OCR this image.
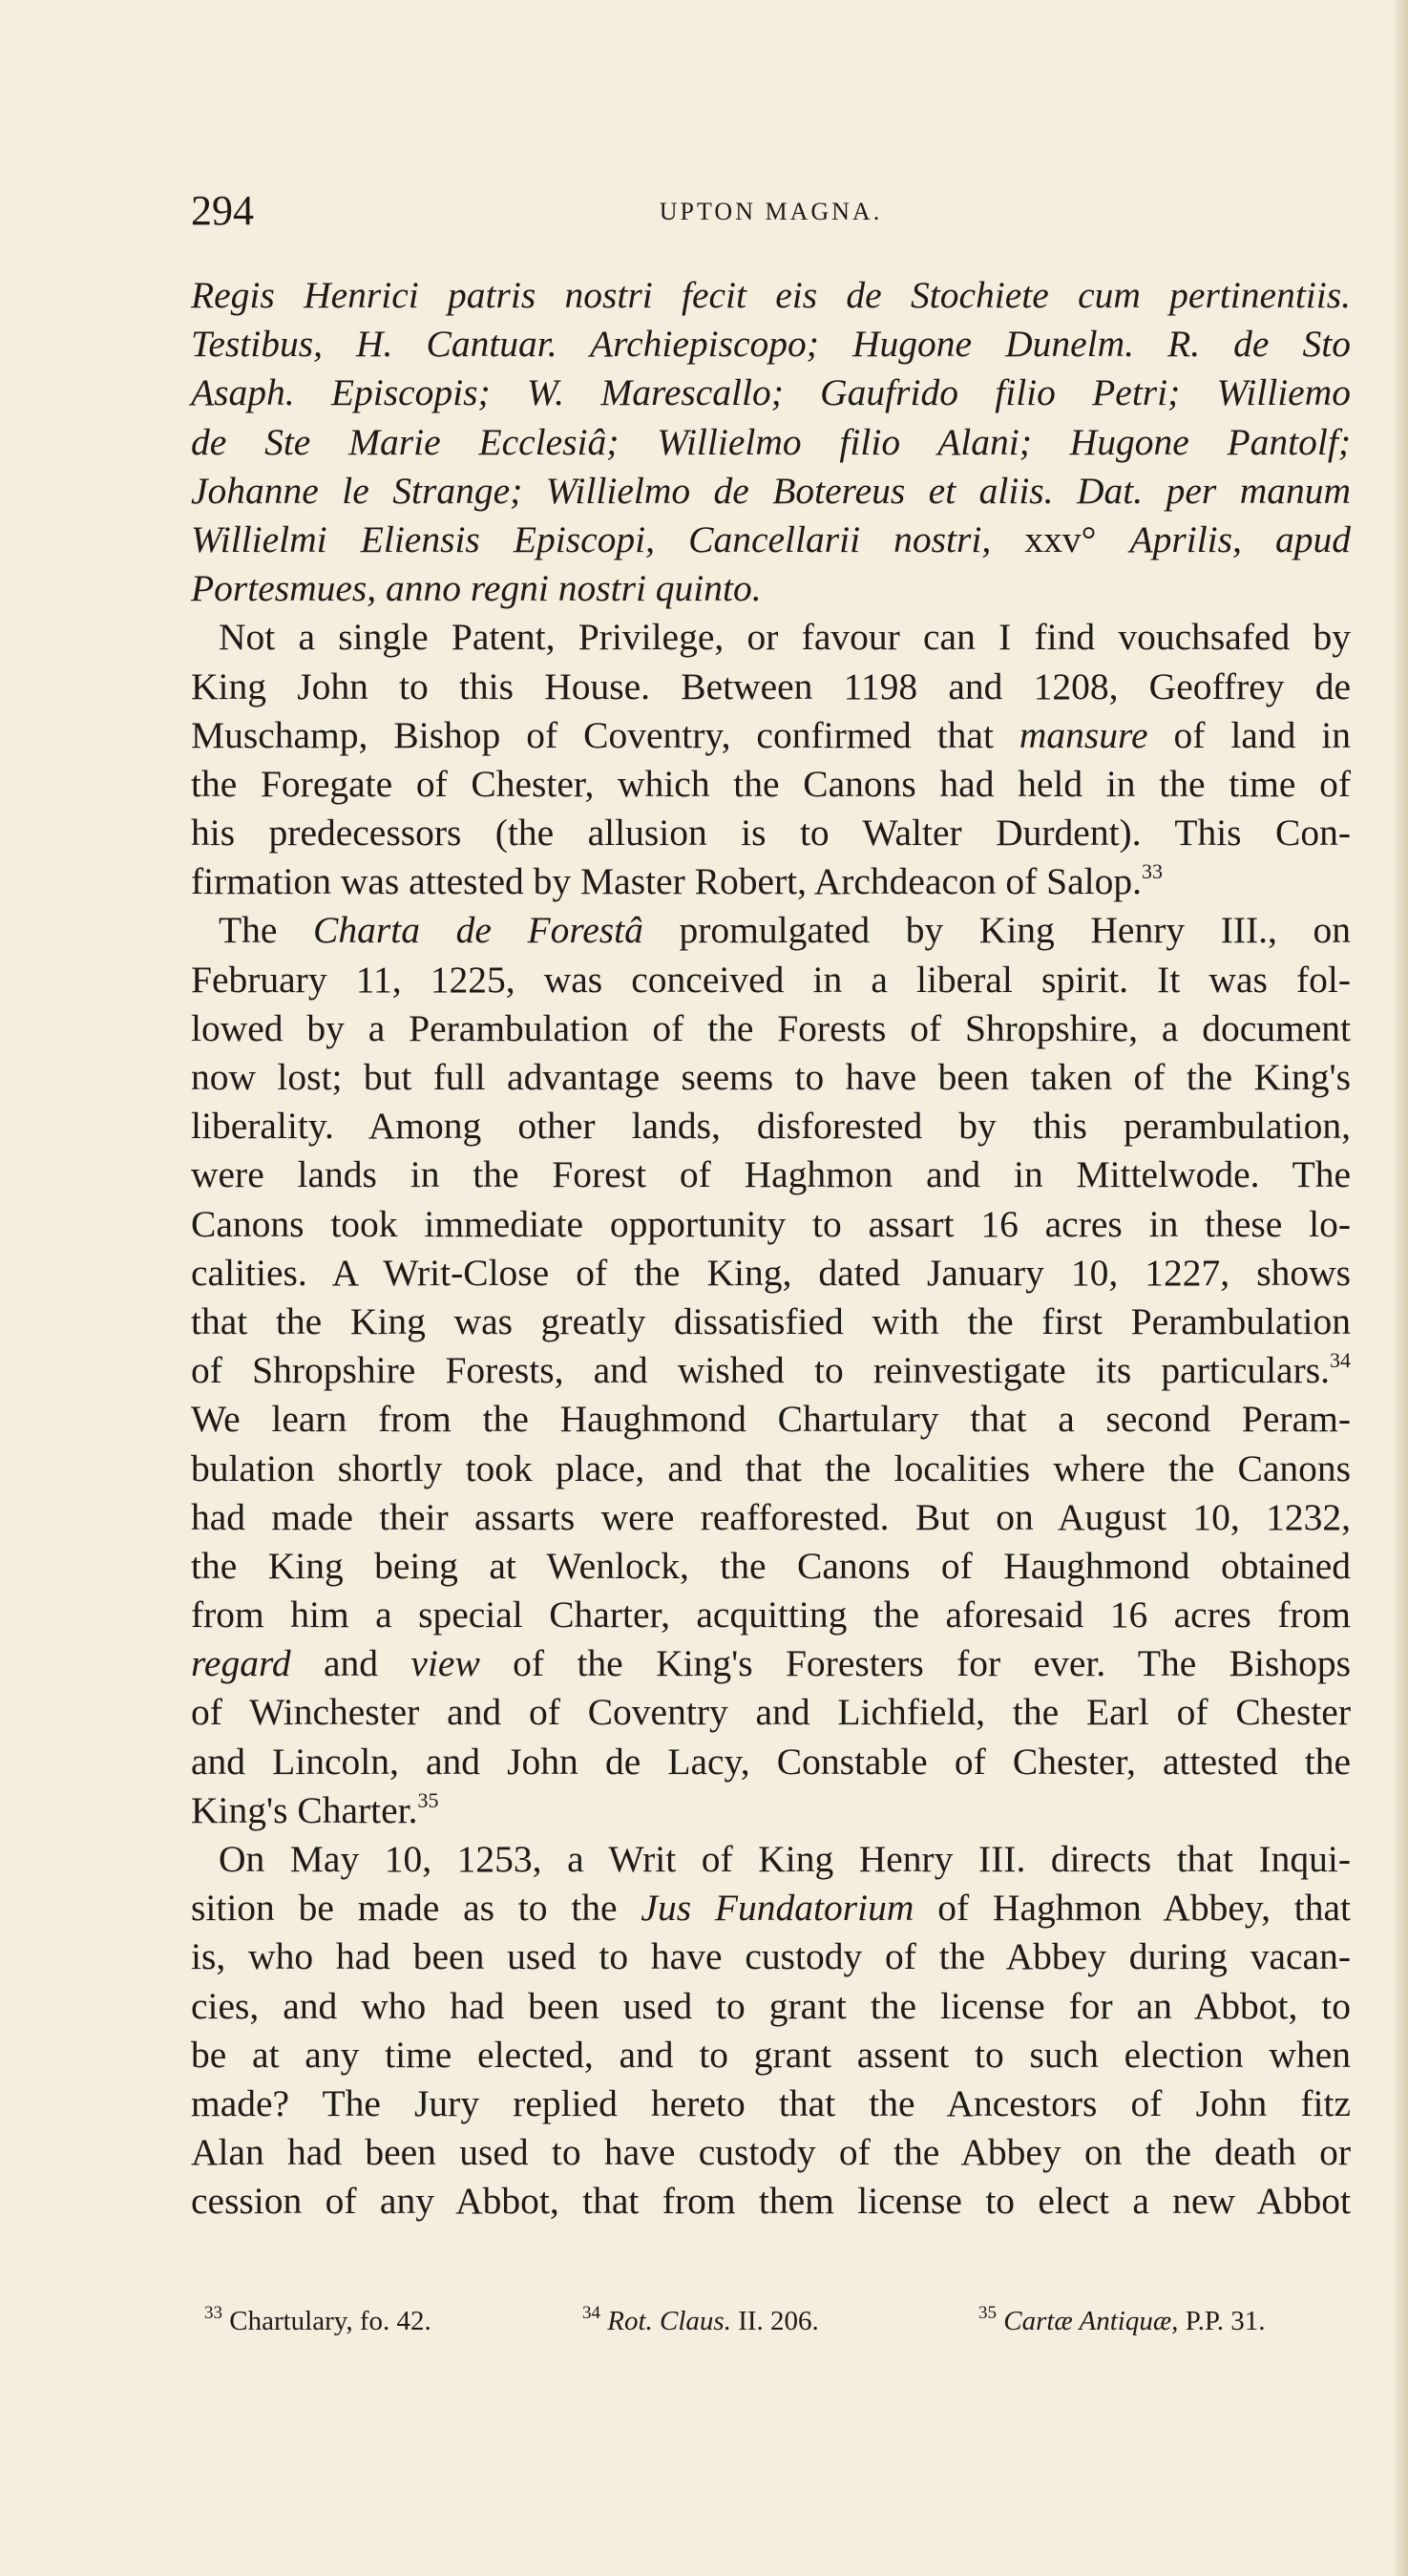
294	UPTON MAGNA.
Regis Henrici patris nostri fecit eis de Stochiete cum pertinentiis.
Testibus, H. Cantuar. Archiepiscopo; Hugone Dunelm. R. de Sto
Asaph. Episcopis; W. Marescallo; Gaufrido filio Petri; Williemo
de Ste Marie Ecclesiâ; Willielmo filio Alani; Hugone Pantolf;
Johanne le Strange; Willielmo de Botereus et aliis. Dat. per manum
Willielmi Eliensis Episcopi, Cancellarii nostri, xxv° Aprilis, apud
Portesmues, anno regni nostri quinto.
Not a single Patent, Privilege, or favour can I find vouchsafed by
King John to this House. Between 1198 and 1208, Geoffrey de
Muschamp, Bishop of Coventry, confirmed that mansure of land in
the Foregate of Chester, which the Canons had held in the time of
his predecessors (the allusion is to Walter Durdent). This Con-
firmation was attested by Master Robert, Archdeacon of Salop.$^{33}$
The Charta de Forestâ promulgated by King Henry III., on
February 11, 1225, was conceived in a liberal spirit. It was fol-
lowed by a Perambulation of the Forests of Shropshire, a document
now lost; but full advantage seems to have been taken of the King's
liberality. Among other lands, disforested by this perambulation,
were lands in the Forest of Haghmon and in Mittelwode. The
Canons took immediate opportunity to assart 16 acres in these lo-
calities. A Writ-Close of the King, dated January 10, 1227, shows
that the King was greatly dissatisfied with the first Perambulation
of Shropshire Forests, and wished to reinvestigate its particulars.$^{34}$
We learn from the Haughmond Chartulary that a second Peram-
bulation shortly took place, and that the localities where the Canons
had made their assarts were reafforested. But on August 10, 1232,
the King being at Wenlock, the Canons of Haughmond obtained
from him a special Charter, acquitting the aforesaid 16 acres from
regard and view of the King's Foresters for ever. The Bishops
of Winchester and of Coventry and Lichfield, the Earl of Chester
and Lincoln, and John de Lacy, Constable of Chester, attested the
King's Charter.$^{35}$
On May 10, 1253, a Writ of King Henry III. directs that Inqui-
sition be made as to the Jus Fundatorium of Haghmon Abbey, that
is, who had been used to have custody of the Abbey during vacan-
cies, and who had been used to grant the license for an Abbot, to
be at any time elected, and to grant assent to such election when
made? The Jury replied hereto that the Ancestors of John fitz
Alan had been used to have custody of the Abbey on the death or
cession of any Abbot, that from them license to elect a new Abbot
$^{33}$ Chartulary, fo. 42.	$^{34}$ Rot. Claus. II. 206.	$^{35}$ Cartæ Antiquæ, P.P. 31.
